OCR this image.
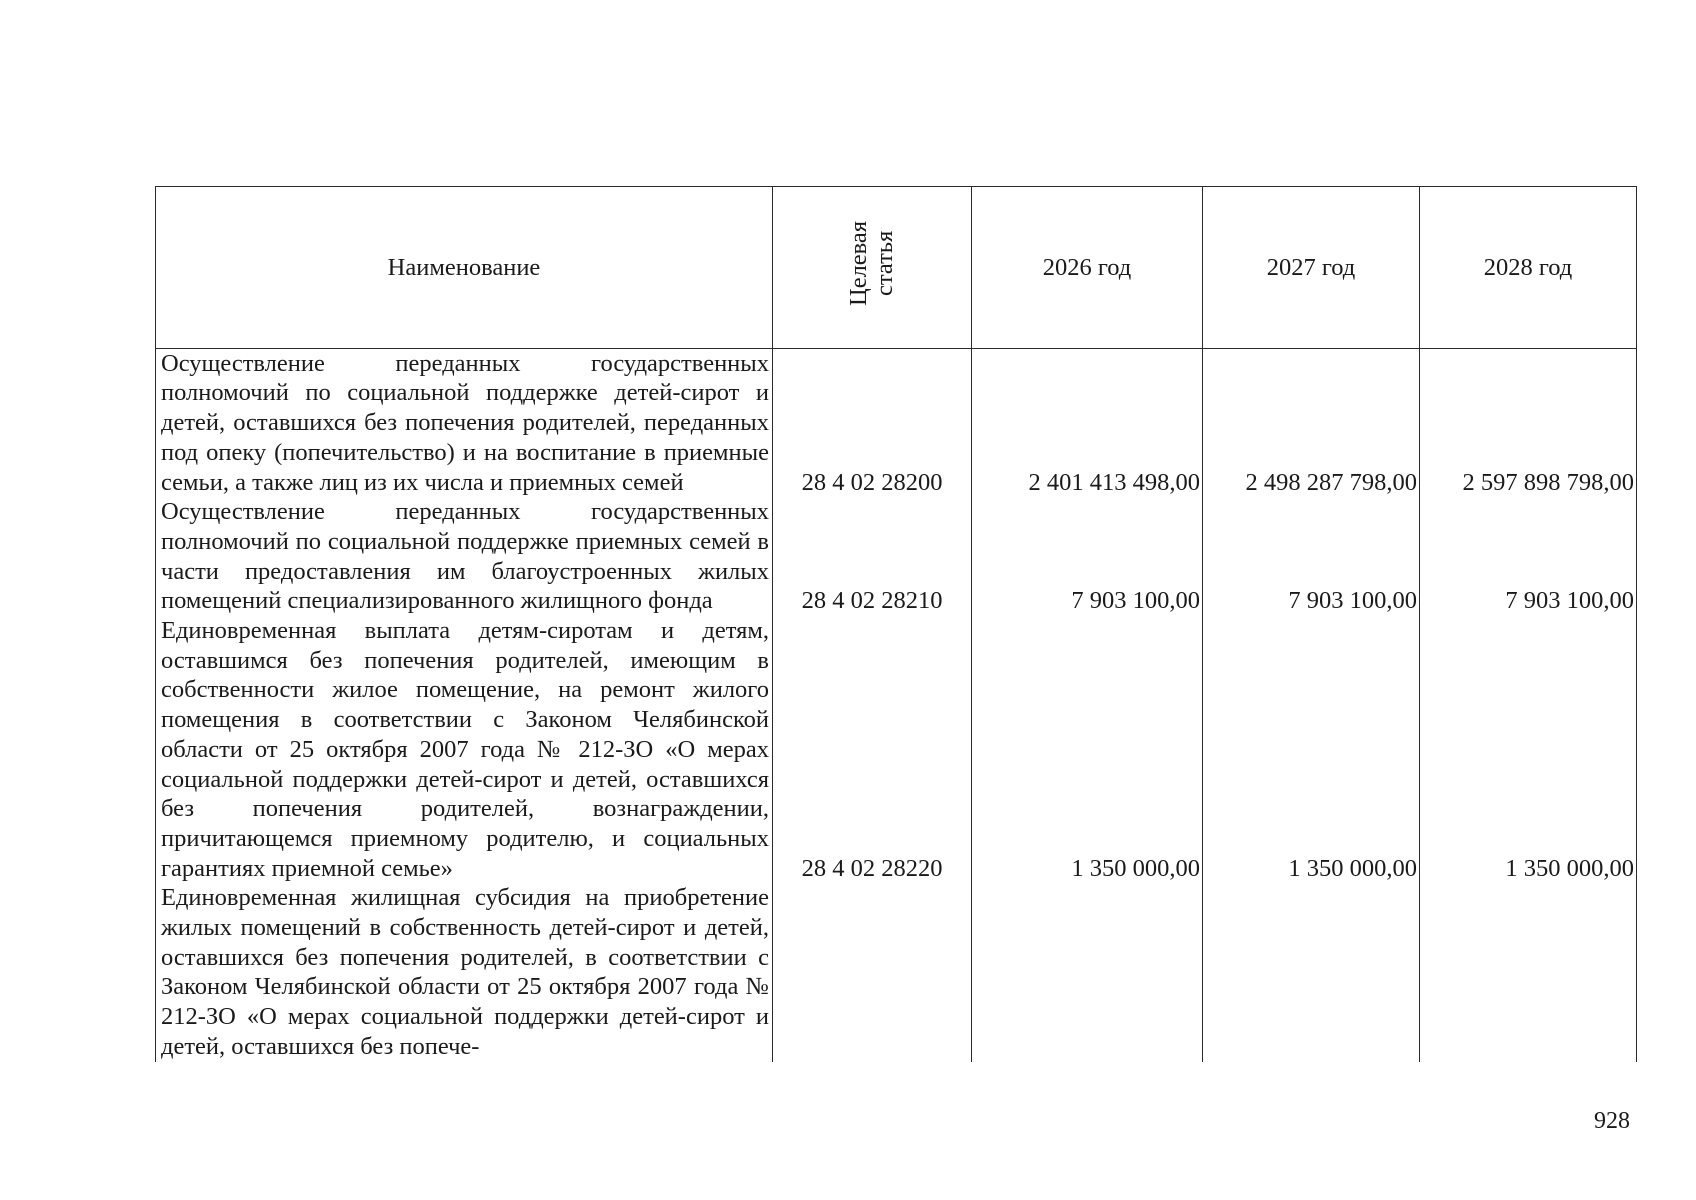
Наименование	Целевая статья	2026 год	2027 год	2028 год
Осуществление переданных государственных полномочий по социальной поддержке детей-сирот и детей, оставшихся без попечения родителей, переданных под опеку (попечительство) и на воспитание в приемные семьи, а также лиц из их числа и приемных семей	28 4 02 28200	2 401 413 498,00	2 498 287 798,00	2 597 898 798,00
Осуществление переданных государственных полномочий по социальной поддержке приемных семей в части предоставления им благоустроенных жилых помещений специализированного жилищного фонда	28 4 02 28210	7 903 100,00	7 903 100,00	7 903 100,00
Единовременная выплата детям-сиротам и детям, оставшимся без попечения родителей, имеющим в собственности жилое помещение, на ремонт жилого помещения в соответствии с Законом Челябинской области от 25 октября 2007 года № 212-ЗО «О мерах социальной поддержки детей-сирот и детей, оставшихся без попечения родителей, вознаграждении, причитающемся приемному родителю, и социальных гарантиях приемной семье»	28 4 02 28220	1 350 000,00	1 350 000,00	1 350 000,00
Единовременная жилищная субсидия на приобретение жилых помещений в собственность детей-сирот и детей, оставшихся без попечения родителей, в соответствии с Законом Челябинской области от 25 октября 2007 года № 212-ЗО «О мерах социальной поддержки детей-сирот и детей, оставшихся без попече-				
928
